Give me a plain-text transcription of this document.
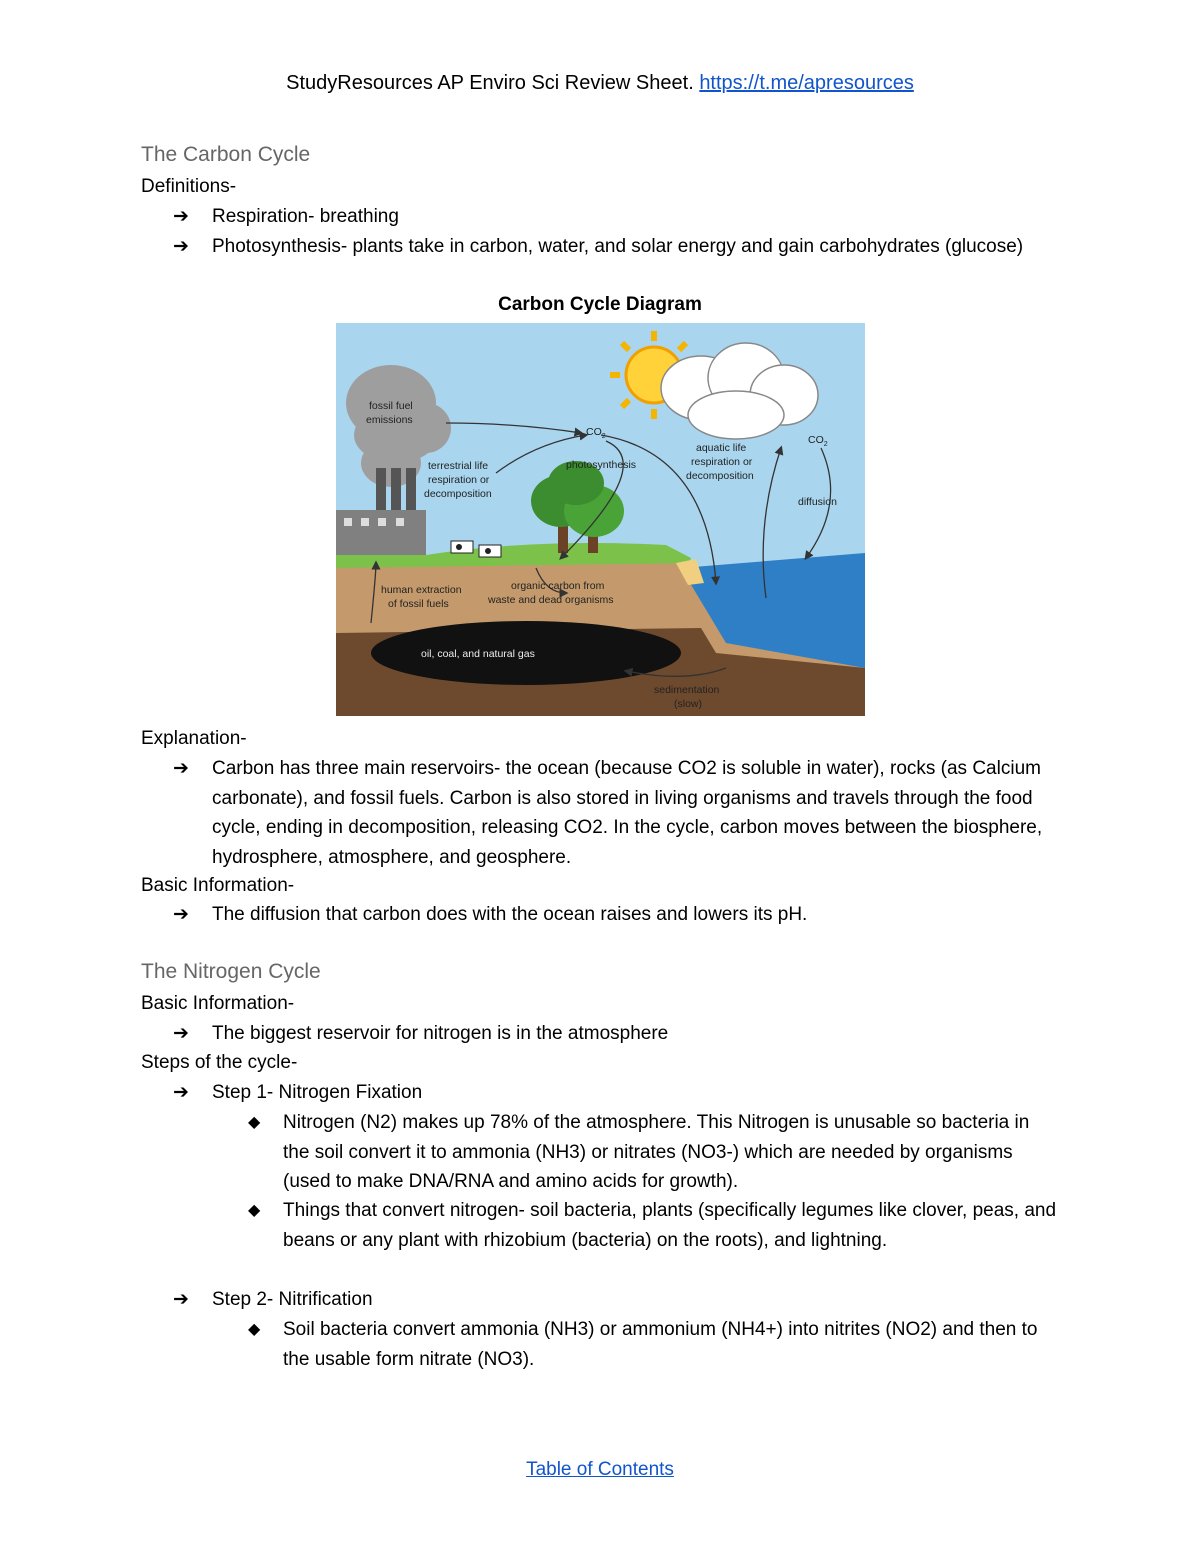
StudyResources AP Enviro Sci Review Sheet. https://t.me/apresources
The Carbon Cycle
Definitions-
➔	Respiration- breathing
➔	Photosynthesis- plants take in carbon, water, and solar energy and gain carbohydrates (glucose)
Carbon Cycle Diagram
fossil fuel
emissions
$CO_2$	$CO_2$
terrestrial life
respiration or
decomposition
photosynthesis
aquatic life
respiration or
decomposition
diffusion
human extraction
of fossil fuels
organic carbon from
waste and dead organisms
oil, coal, and natural gas
sedimentation
(slow)
Explanation-
➔	Carbon has three main reservoirs- the ocean (because CO2 is soluble in water), rocks (as Calcium carbonate), and fossil fuels. Carbon is also stored in living organisms and travels through the food cycle, ending in decomposition, releasing CO2. In the cycle, carbon moves between the biosphere, hydrosphere, atmosphere, and geosphere.
Basic Information-
➔	The diffusion that carbon does with the ocean raises and lowers its pH.
The Nitrogen Cycle
Basic Information-
➔	The biggest reservoir for nitrogen is in the atmosphere
Steps of the cycle-
➔	Step 1- Nitrogen Fixation
◆	Nitrogen (N2) makes up 78% of the atmosphere. This Nitrogen is unusable so bacteria in the soil convert it to ammonia (NH3) or nitrates (NO3-) which are needed by organisms (used to make DNA/RNA and amino acids for growth).
◆	Things that convert nitrogen- soil bacteria, plants (specifically legumes like clover, peas, and beans or any plant with rhizobium (bacteria) on the roots), and lightning.
➔	Step 2- Nitrification
◆	Soil bacteria convert ammonia (NH3) or ammonium (NH4+) into nitrites (NO2) and then to the usable form nitrate (NO3).
Table of Contents
